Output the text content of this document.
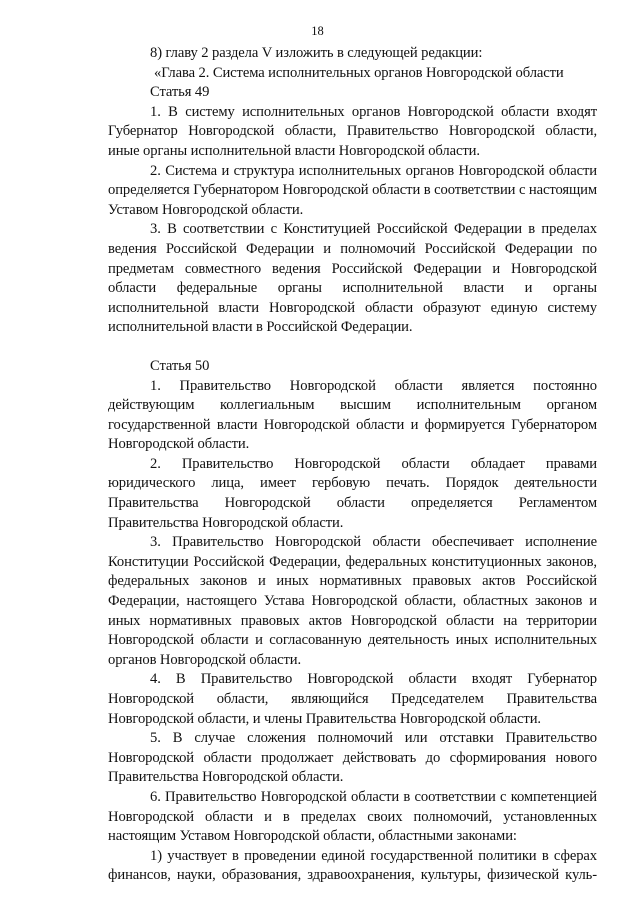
18

8) главу 2 раздела V изложить в следующей редакции:

«Глава 2. Система исполнительных органов Новгородской области

Статья 49

1. В систему исполнительных органов Новгородской области входят Губернатор Новгородской области, Правительство Новгородской области, иные органы исполнительной власти Новгородской области.

2. Система и структура исполнительных органов Новгородской области определяется Губернатором Новгородской области в соответствии с настоящим Уставом Новгородской области.

3. В соответствии с Конституцией Российской Федерации в пределах ведения Российской Федерации и полномочий Российской Федерации по предметам совместного ведения Российской Федерации и Новгородской области федеральные органы исполнительной власти и органы исполнительной власти Новгородской области образуют единую систему исполнительной власти в Российской Федерации.

Статья 50

1. Правительство Новгородской области является постоянно действующим коллегиальным высшим исполнительным органом государственной власти Новгородской области и формируется Губернатором Новгородской области.

2. Правительство Новгородской области обладает правами юридического лица, имеет гербовую печать. Порядок деятельности Правительства Новгородской области определяется Регламентом Правительства Новгородской области.

3. Правительство Новгородской области обеспечивает исполнение Конституции Российской Федерации, федеральных конституционных законов, федеральных законов и иных нормативных правовых актов Российской Федерации, настоящего Устава Новгородской области, областных законов и иных нормативных правовых актов Новгородской области на территории Новгородской области и согласованную деятельность иных исполнительных органов Новгородской области.

4. В Правительство Новгородской области входят Губернатор Новгородской области, являющийся Председателем Правительства Новгородской области, и члены Правительства Новгородской области.

5. В случае сложения полномочий или отставки Правительство Новгородской области продолжает действовать до сформирования нового Правительства Новгородской области.

6. Правительство Новгородской области в соответствии с компетенцией Новгородской области и в пределах своих полномочий, установленных настоящим Уставом Новгородской области, областными законами:

1) участвует в проведении единой государственной политики в сферах финансов, науки, образования, здравоохранения, культуры, физической куль-
